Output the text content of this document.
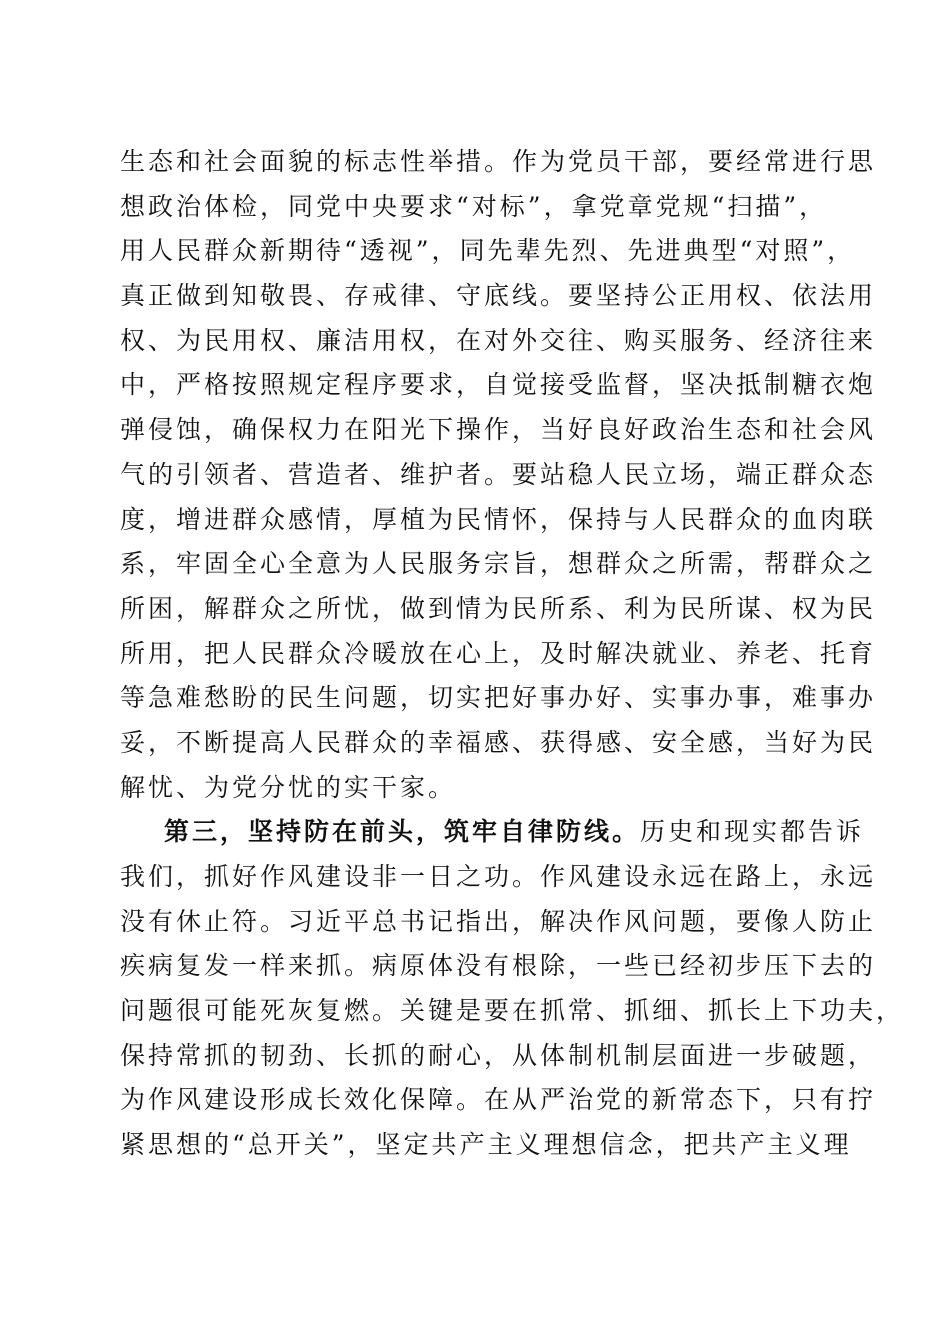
生态和社会面貌的标志性举措。作为党员干部，要经常进行思
想政治体检，同党中央要求“对标”，拿党章党规“扫描”，
用人民群众新期待“透视”，同先辈先烈、先进典型“对照”，
真正做到知敬畏、存戒律、守底线。要坚持公正用权、依法用
权、为民用权、廉洁用权，在对外交往、购买服务、经济往来
中，严格按照规定程序要求，自觉接受监督，坚决抵制糖衣炮
弹侵蚀，确保权力在阳光下操作，当好良好政治生态和社会风
气的引领者、营造者、维护者。要站稳人民立场，端正群众态
度，增进群众感情，厚植为民情怀，保持与人民群众的血肉联
系，牢固全心全意为人民服务宗旨，想群众之所需，帮群众之
所困，解群众之所忧，做到情为民所系、利为民所谋、权为民
所用，把人民群众冷暖放在心上，及时解决就业、养老、托育
等急难愁盼的民生问题，切实把好事办好、实事办事，难事办
妥，不断提高人民群众的幸福感、获得感、安全感，当好为民
解忧、为党分忧的实干家。
第三，坚持防在前头，筑牢自律防线。历史和现实都告诉
我们，抓好作风建设非一日之功。作风建设永远在路上，永远
没有休止符。习近平总书记指出，解决作风问题，要像人防止
疾病复发一样来抓。病原体没有根除，一些已经初步压下去的
问题很可能死灰复燃。关键是要在抓常、抓细、抓长上下功夫，
保持常抓的韧劲、长抓的耐心，从体制机制层面进一步破题，
为作风建设形成长效化保障。在从严治党的新常态下，只有拧
紧思想的“总开关”，坚定共产主义理想信念，把共产主义理
